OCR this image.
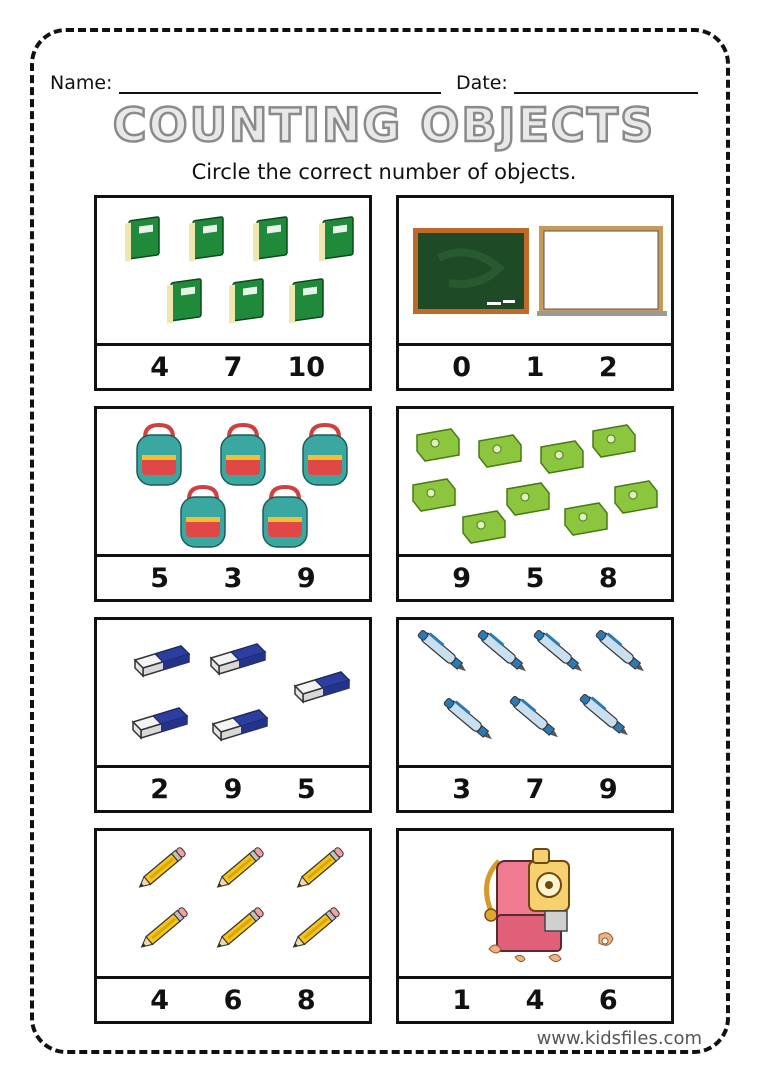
Name:	Date:
COUNTING OBJECTS
Circle the correct number of objects.
4	7	10	0	1	2
5	3	9	9	5	8
2	9	5	3	7	9
4	6	8	1	4	6
www.kidsfiles.com
